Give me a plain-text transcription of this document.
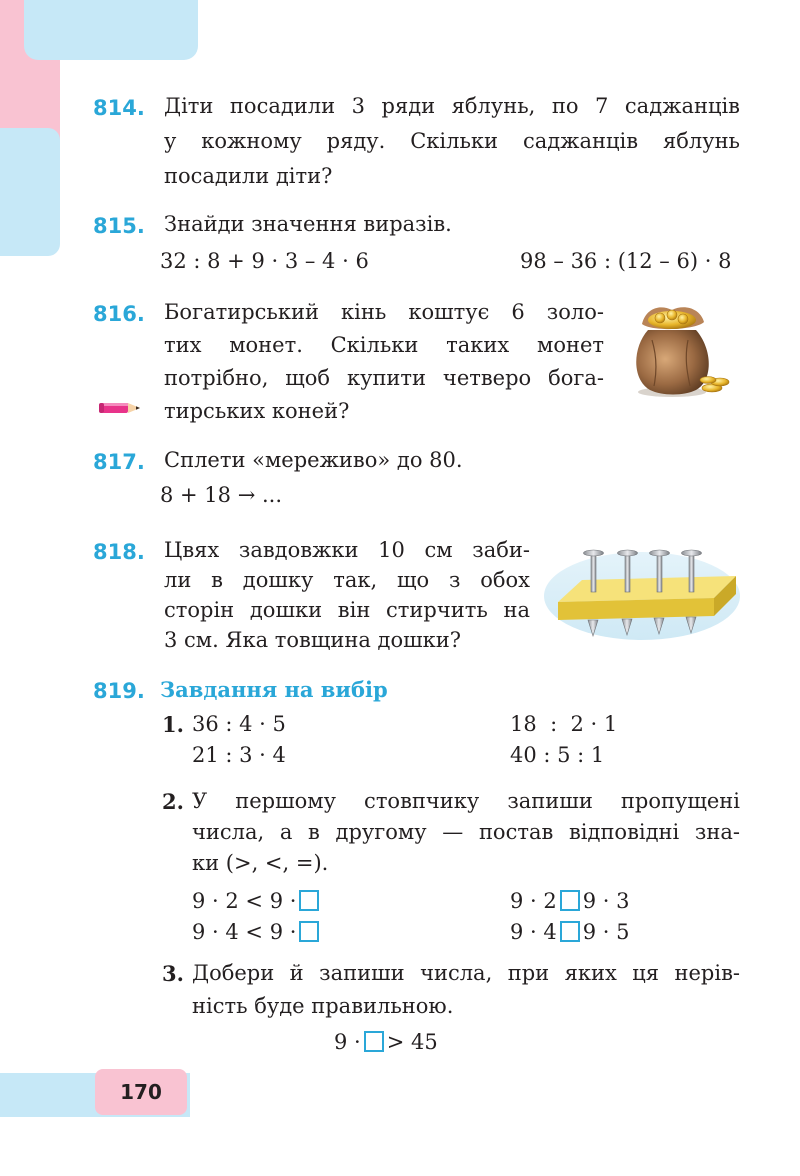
170
814. Діти посадили 3 ряди яблунь, по 7 саджанців
у кожному ряду. Скільки саджанців яблунь
посадили діти?
815. Знайди значення виразів.
32 : 8 + 9 · 3 – 4 · 6	98 – 36 : (12 – 6) · 8
816. Богатирський кінь коштує 6 золо-
тих монет. Скільки таких монет
потрібно, щоб купити четверо бога-
тирських коней?
817. Сплети «мереживо» до 80.
8 + 18 → ...
818. Цвях завдовжки 10 см заби-
ли в дошку так, що з обох
сторін дошки він стирчить на
3 см. Яка товщина дошки?
819. Завдання на вибір
1. 36 : 4 · 5
21 : 3 · 4
18  :  2 · 1
40 : 5 : 1
2. У першому стовпчику запиши пропущені
числа, а в другому — постав відповідні зна-
ки (>, <, =).
9 · 2 < 9 ·
9 · 4 < 9 ·
9 · 2 9 · 3
9 · 4 9 · 5
3. Добери й запиши числа, при яких ця нерів-
ність буде правильною.
9 · > 45
